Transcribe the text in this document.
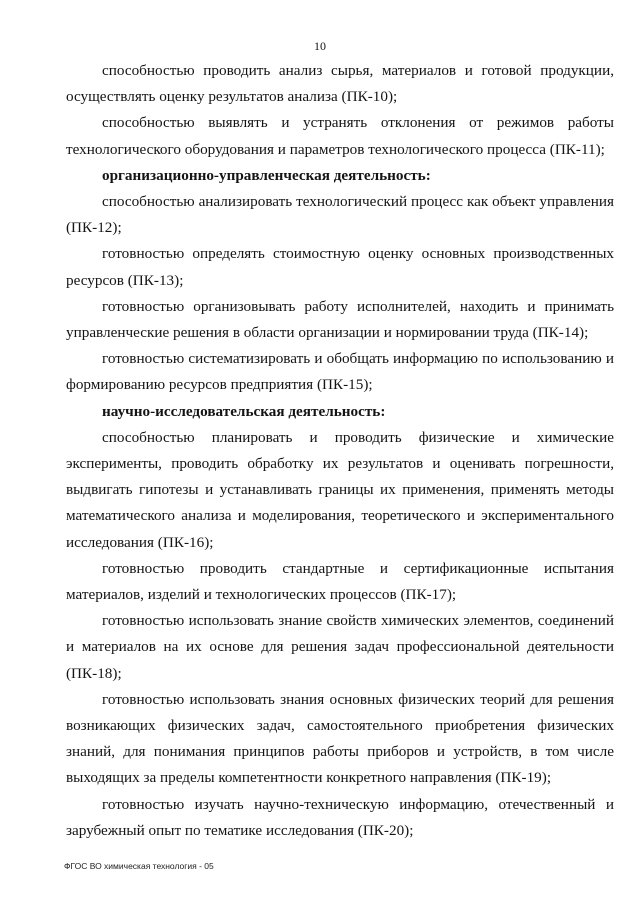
10

способностью проводить анализ сырья, материалов и готовой продукции, осуществлять оценку результатов анализа (ПК-10);

способностью выявлять и устранять отклонения от режимов работы технологического оборудования и параметров технологического процесса (ПК-11);

организационно-управленческая деятельность:

способностью анализировать технологический процесс как объект управления (ПК-12);

готовностью определять стоимостную оценку основных производственных ресурсов (ПК-13);

готовностью организовывать работу исполнителей, находить и принимать управленческие решения в области организации и нормировании труда (ПК-14);

готовностью систематизировать и обобщать информацию по использованию и формированию ресурсов предприятия (ПК-15);

научно-исследовательская деятельность:

способностью планировать и проводить физические и химические эксперименты, проводить обработку их результатов и оценивать погрешности, выдвигать гипотезы и устанавливать границы их применения, применять методы математического анализа и моделирования, теоретического и экспериментального исследования (ПК-16);

готовностью проводить стандартные и сертификационные испытания материалов, изделий и технологических процессов (ПК-17);

готовностью использовать знание свойств химических элементов, соединений и материалов на их основе для решения задач профессиональной деятельности (ПК-18);

готовностью использовать знания основных физических теорий для решения возникающих физических задач, самостоятельного приобретения физических знаний, для понимания принципов работы приборов и устройств, в том числе выходящих за пределы компетентности конкретного направления (ПК-19);

готовностью изучать научно-техническую информацию, отечественный и зарубежный опыт по тематике исследования (ПК-20);

ФГОС ВО химическая технология - 05
